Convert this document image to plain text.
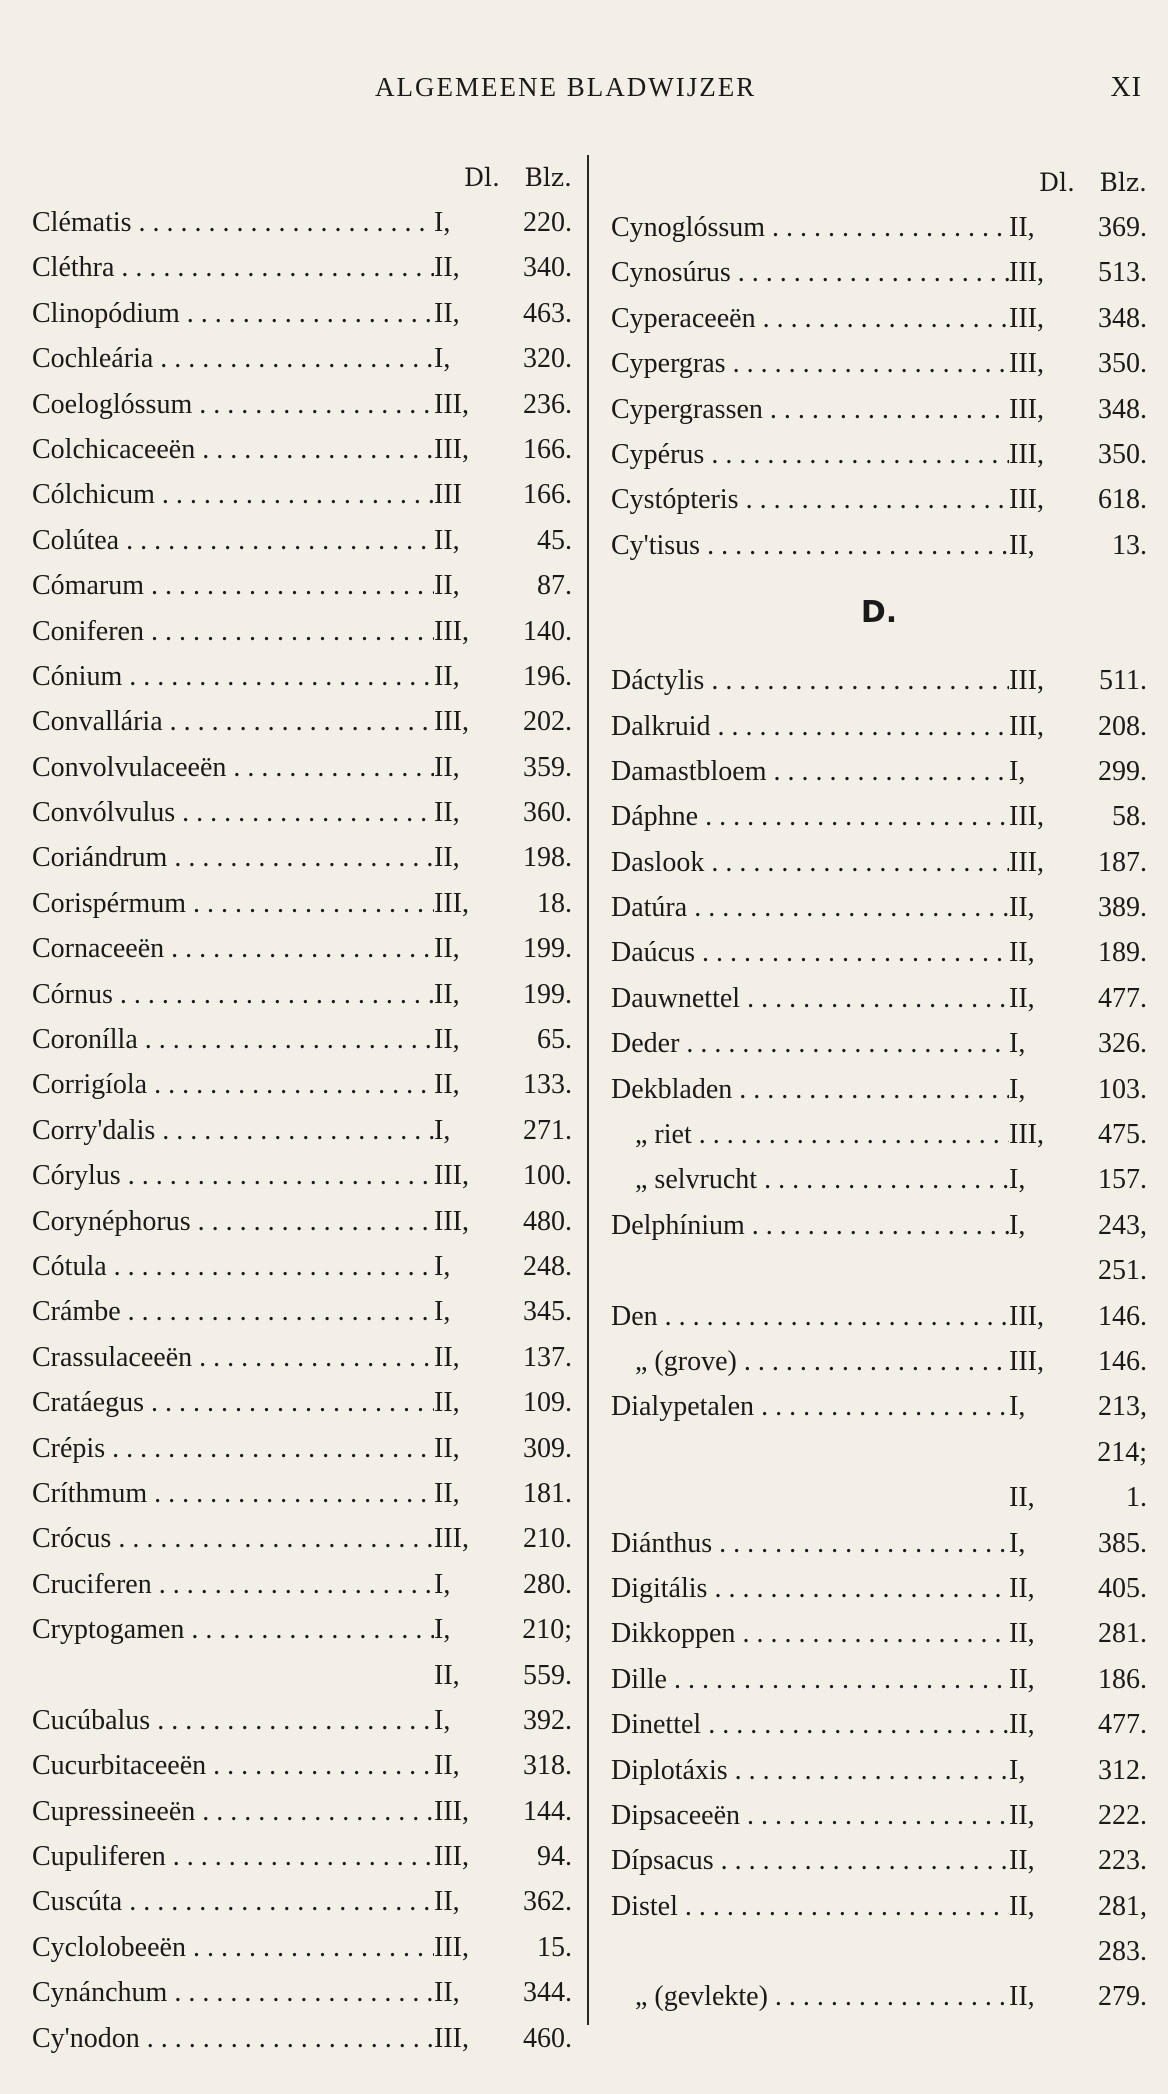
ALGEMEENE BLADWIJZER	XI
Dl. Blz.
Clématis . . .	I,	220.
Cléthra . . .	II,	340.
Clinopódium . . .	II,	463.
Cochleária . . .	I,	320.
Coeloglóssum . . .	III,	236.
Colchicaceeën . . .	III,	166.
Cólchicum . . .	III	166.
Colútea . . .	II,	45.
Cómarum . . .	II,	87.
Coniferen . . .	III,	140.
Cónium . . .	II,	196.
Convallária . . .	III,	202.
Convolvulaceeën . . .	II,	359.
Convólvulus . . .	II,	360.
Coriándrum . . .	II,	198.
Corispérmum . . .	III,	18.
Cornaceeën . . .	II,	199.
Córnus . . .	II,	199.
Coronílla . . .	II,	65.
Corrigíola . . .	II,	133.
Corry'dalis . . .	I,	271.
Córylus . . .	III,	100.
Corynéphorus . . .	III,	480.
Cótula . . .	I,	248.
Crámbe . . .	I,	345.
Crassulaceeën . . .	II,	137.
Cratáegus . . .	II,	109.
Crépis . . .	II,	309.
Críthmum . . .	II,	181.
Crócus . . .	III,	210.
Cruciferen . . .	I,	280.
Cryptogamen . . .	I,	210;
II,	559.
Cucúbalus . . .	I,	392.
Cucurbitaceeën . . .	II,	318.
Cupressineeën . . .	III,	144.
Cupuliferen . . .	III,	94.
Cuscúta . . .	II,	362.
Cyclolobeeën . . .	III,	15.
Cynánchum . . .	II,	344.
Cy'nodon . . .	III,	460.
Dl. Blz.
Cynoglóssum . . .	II,	369.
Cynosúrus . . .	III,	513.
Cyperaceeën . . .	III,	348.
Cypergras . . .	III,	350.
Cypergrassen . . .	III,	348.
Cypérus . . .	III,	350.
Cystópteris . . .	III,	618.
Cy'tisus . . .	II,	13.
D.
Dáctylis . . .	III,	511.
Dalkruid . . .	III,	208.
Damastbloem . . .	I,	299.
Dáphne . . .	III,	58.
Daslook . . .	III,	187.
Datúra . . .	II,	389.
Daúcus . . .	II,	189.
Dauwnettel . . .	II,	477.
Deder . . .	I,	326.
Dekbladen . . .	I,	103.
„ riet . . .	III,	475.
„ selvrucht . . .	I,	157.
Delphínium . . .	I,	243,
251.
Den . . .	III,	146.
„ (grove) . . .	III,	146.
Dialypetalen . . .	I,	213,
214;
II,	1.
Diánthus . . .	I,	385.
Digitális . . .	II,	405.
Dikkoppen . . .	II,	281.
Dille . . .	II,	186.
Dinettel . . .	II,	477.
Diplotáxis . . .	I,	312.
Dipsaceeën . . .	II,	222.
Dípsacus . . .	II,	223.
Distel . . .	II,	281,
283.
„ (gevlekte) . . .	II,	279.
